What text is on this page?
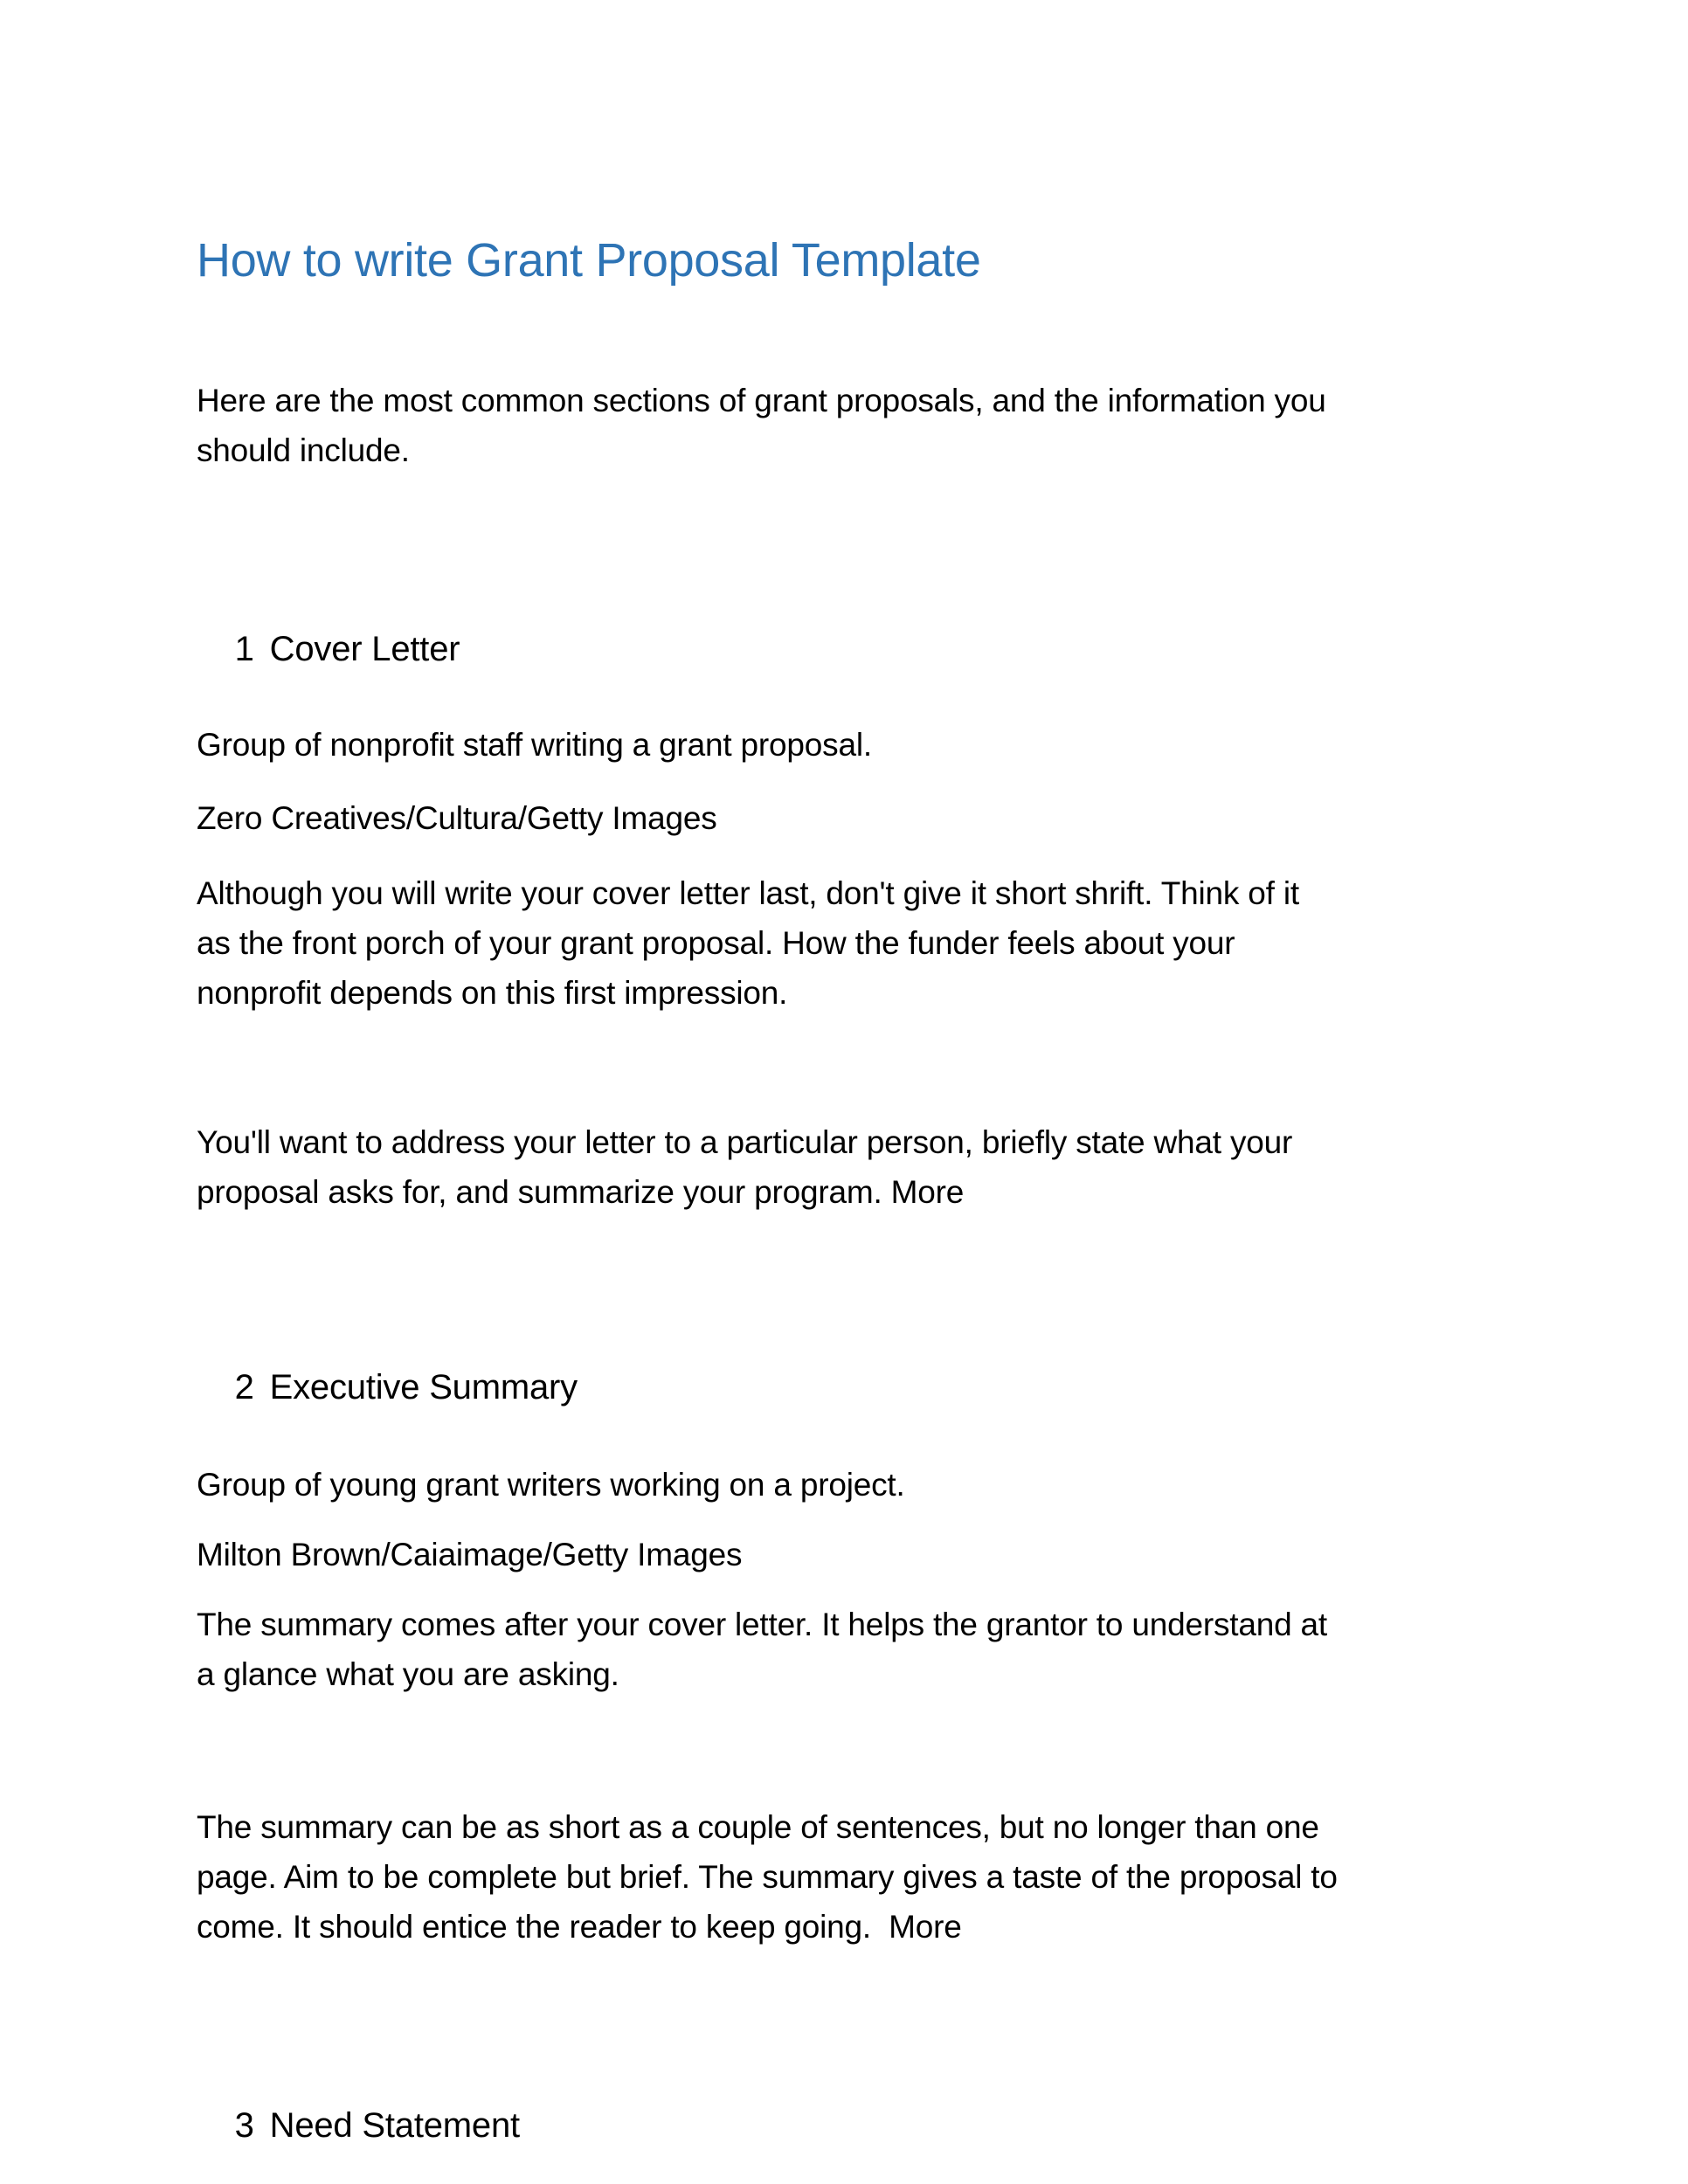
How to write Grant Proposal Template
Here are the most common sections of grant proposals, and the information you
should include.

1 Cover Letter

Group of nonprofit staff writing a grant proposal.
Zero Creatives/Cultura/Getty Images
Although you will write your cover letter last, don't give it short shrift. Think of it
as the front porch of your grant proposal. How the funder feels about your
nonprofit depends on this first impression.
You'll want to address your letter to a particular person, briefly state what your
proposal asks for, and summarize your program. More

2 Executive Summary

Group of young grant writers working on a project.
Milton Brown/Caiaimage/Getty Images
The summary comes after your cover letter. It helps the grantor to understand at
a glance what you are asking.
The summary can be as short as a couple of sentences, but no longer than one
page. Aim to be complete but brief. The summary gives a taste of the proposal to
come. It should entice the reader to keep going.  More

3 Need Statement
